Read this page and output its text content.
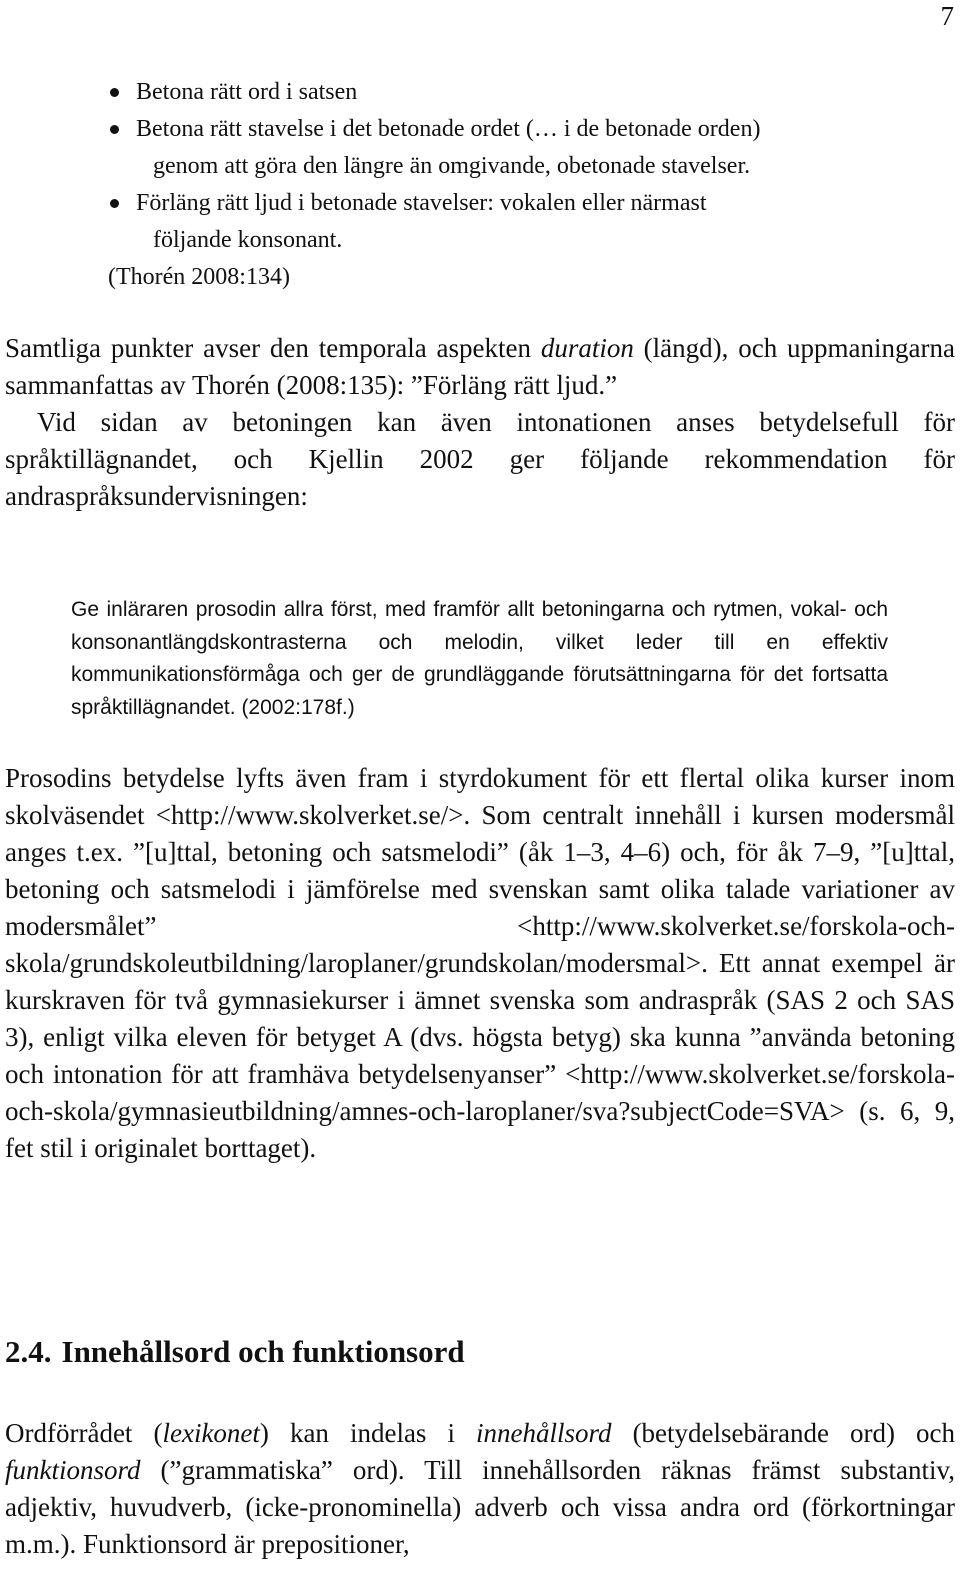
7
Betona rätt ord i satsen
Betona rätt stavelse i det betonade ordet (… i de betonade orden)
genom att göra den längre än omgivande, obetonade stavelser.
Förläng rätt ljud i betonade stavelser: vokalen eller närmast
följande konsonant.
(Thorén 2008:134)

Samtliga punkter avser den temporala aspekten duration (längd), och uppmaningarna sammanfattas av Thorén (2008:135): ”Förläng rätt ljud.”

Vid sidan av betoningen kan även intonationen anses betydelsefull för språktillägnandet, och Kjellin 2002 ger följande rekommendation för andraspråksundervisningen:

Ge inläraren prosodin allra först, med framför allt betoningarna och rytmen, vokal- och konsonantlängdskontrasterna och melodin, vilket leder till en effektiv kommunikationsförmåga och ger de grundläggande förutsättningarna för det fortsatta språktillägnandet. (2002:178f.)
Prosodins betydelse lyfts även fram i styrdokument för ett flertal olika kurser inom skolväsendet <http://www.skolverket.se/>. Som centralt innehåll i kursen modersmål anges t.ex. ”[u]ttal, betoning och satsmelodi” (åk 1–3, 4–6) och, för åk 7–9, ”[u]ttal, betoning och satsmelodi i jämförelse med svenskan samt olika talade variationer av modersmålet” <http://www.skolverket.se/forskola-och-skola/grundskoleutbildning/laroplaner/grundskolan/modersmal>. Ett annat exempel är kurskraven för två gymnasiekurser i ämnet svenska som andraspråk (SAS 2 och SAS 3), enligt vilka eleven för betyget A (dvs. högsta betyg) ska kunna ”använda betoning och intonation för att framhäva betydelsenyanser” <http://www.skolverket.se/forskola-och-skola/gymnasieutbildning/amnes-och-laroplaner/sva?subjectCode=SVA> (s. 6, 9, fet stil i originalet borttaget).
2.4. Innehållsord och funktionsord
Ordförrådet (lexikonet) kan indelas i innehållsord (betydelsebärande ord) och funktionsord (”grammatiska” ord). Till innehållsorden räknas främst substantiv, adjektiv, huvudverb, (icke-pronominella) adverb och vissa andra ord (förkortningar m.m.). Funktionsord är prepositioner,
